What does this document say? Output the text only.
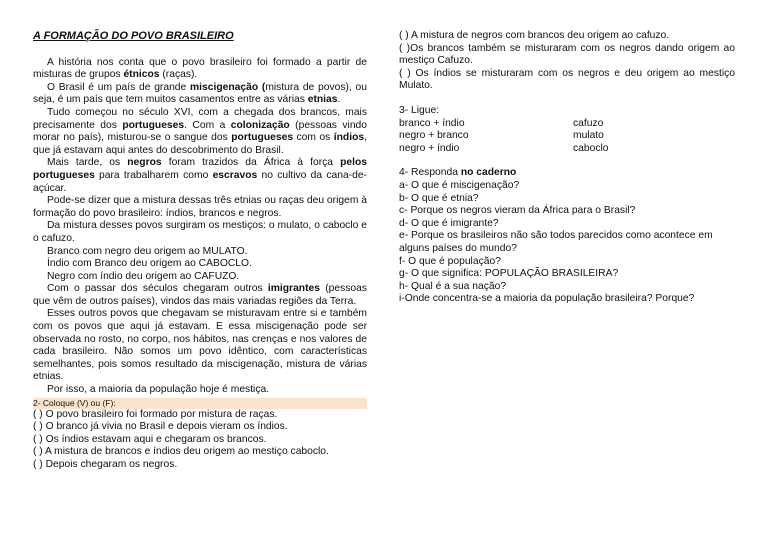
A FORMAÇÃO DO POVO BRASILEIRO

A história nos conta que o povo brasileiro foi formado a partir de misturas de grupos étnicos (raças).

O Brasil é um país de grande miscigenação (mistura de povos), ou seja, é um país que tem muitos casamentos entre as várias etnias.

Tudo começou no século XVI, com a chegada dos brancos, mais precisamente dos portugueses. Com a colonização (pessoas vindo morar no país), misturou-se o sangue dos portugueses com os índios, que já estavam aqui antes do descobrimento do Brasil.

Mais tarde, os negros foram trazidos da África à força pelos portugueses para trabalharem como escravos no cultivo da cana-de-açúcar.

Pode-se dizer que a mistura dessas três etnias ou raças deu origem à formação do povo brasileiro: índios, brancos e negros.

Da mistura desses povos surgiram os mestiços: o mulato, o caboclo e o cafuzo.

Branco com negro deu origem ao MULATO.

Índio com Branco deu origem ao CABOCLO.

Negro com índio deu origem ao CAFUZO.

Com o passar dos séculos chegaram outros imigrantes (pessoas que vêm de outros países), vindos das mais variadas regiões da Terra.

Esses outros povos que chegavam se misturavam entre si e também com os povos que aqui já estavam. E essa miscigenação pode ser observada no rosto, no corpo, nos hábitos, nas crenças e nos valores de cada brasileiro. Não somos um povo idêntico, com características semelhantes, pois somos resultado da miscigenação, mistura de várias etnias.

Por isso, a maioria da população hoje é mestiça.

2- Coloque (V) ou (F):

( ) O povo brasileiro foi formado por mistura de raças.

( ) O branco já vivia no Brasil e depois vieram os índios.

( ) Os índios estavam aqui e chegaram os brancos.

( ) A mistura de brancos e índios deu origem ao mestiço caboclo.

( ) Depois chegaram os negros.

( ) A mistura de negros com brancos deu origem ao cafuzo.

( )Os brancos também se misturaram com os negros dando origem ao mestiço Cafuzo.

( ) Os índios se misturaram com os negros e deu origem ao mestiço Mulato.

3- Ligue:

branco + índio	cafuzo
negro + branco	mulato
negro + índio	caboclo

4- Responda no caderno

a- O que é miscigenação?

b- O que é etnia?

c- Porque os negros vieram da África para o Brasil?

d- O que é imigrante?

e- Porque os brasileiros não são todos parecidos como acontece em alguns países do mundo?

f- O que é população?

g- O que significa: POPULAÇÃO BRASILEIRA?

h- Qual é a sua nação?

i-Onde concentra-se a maioria da população brasileira? Porque?
